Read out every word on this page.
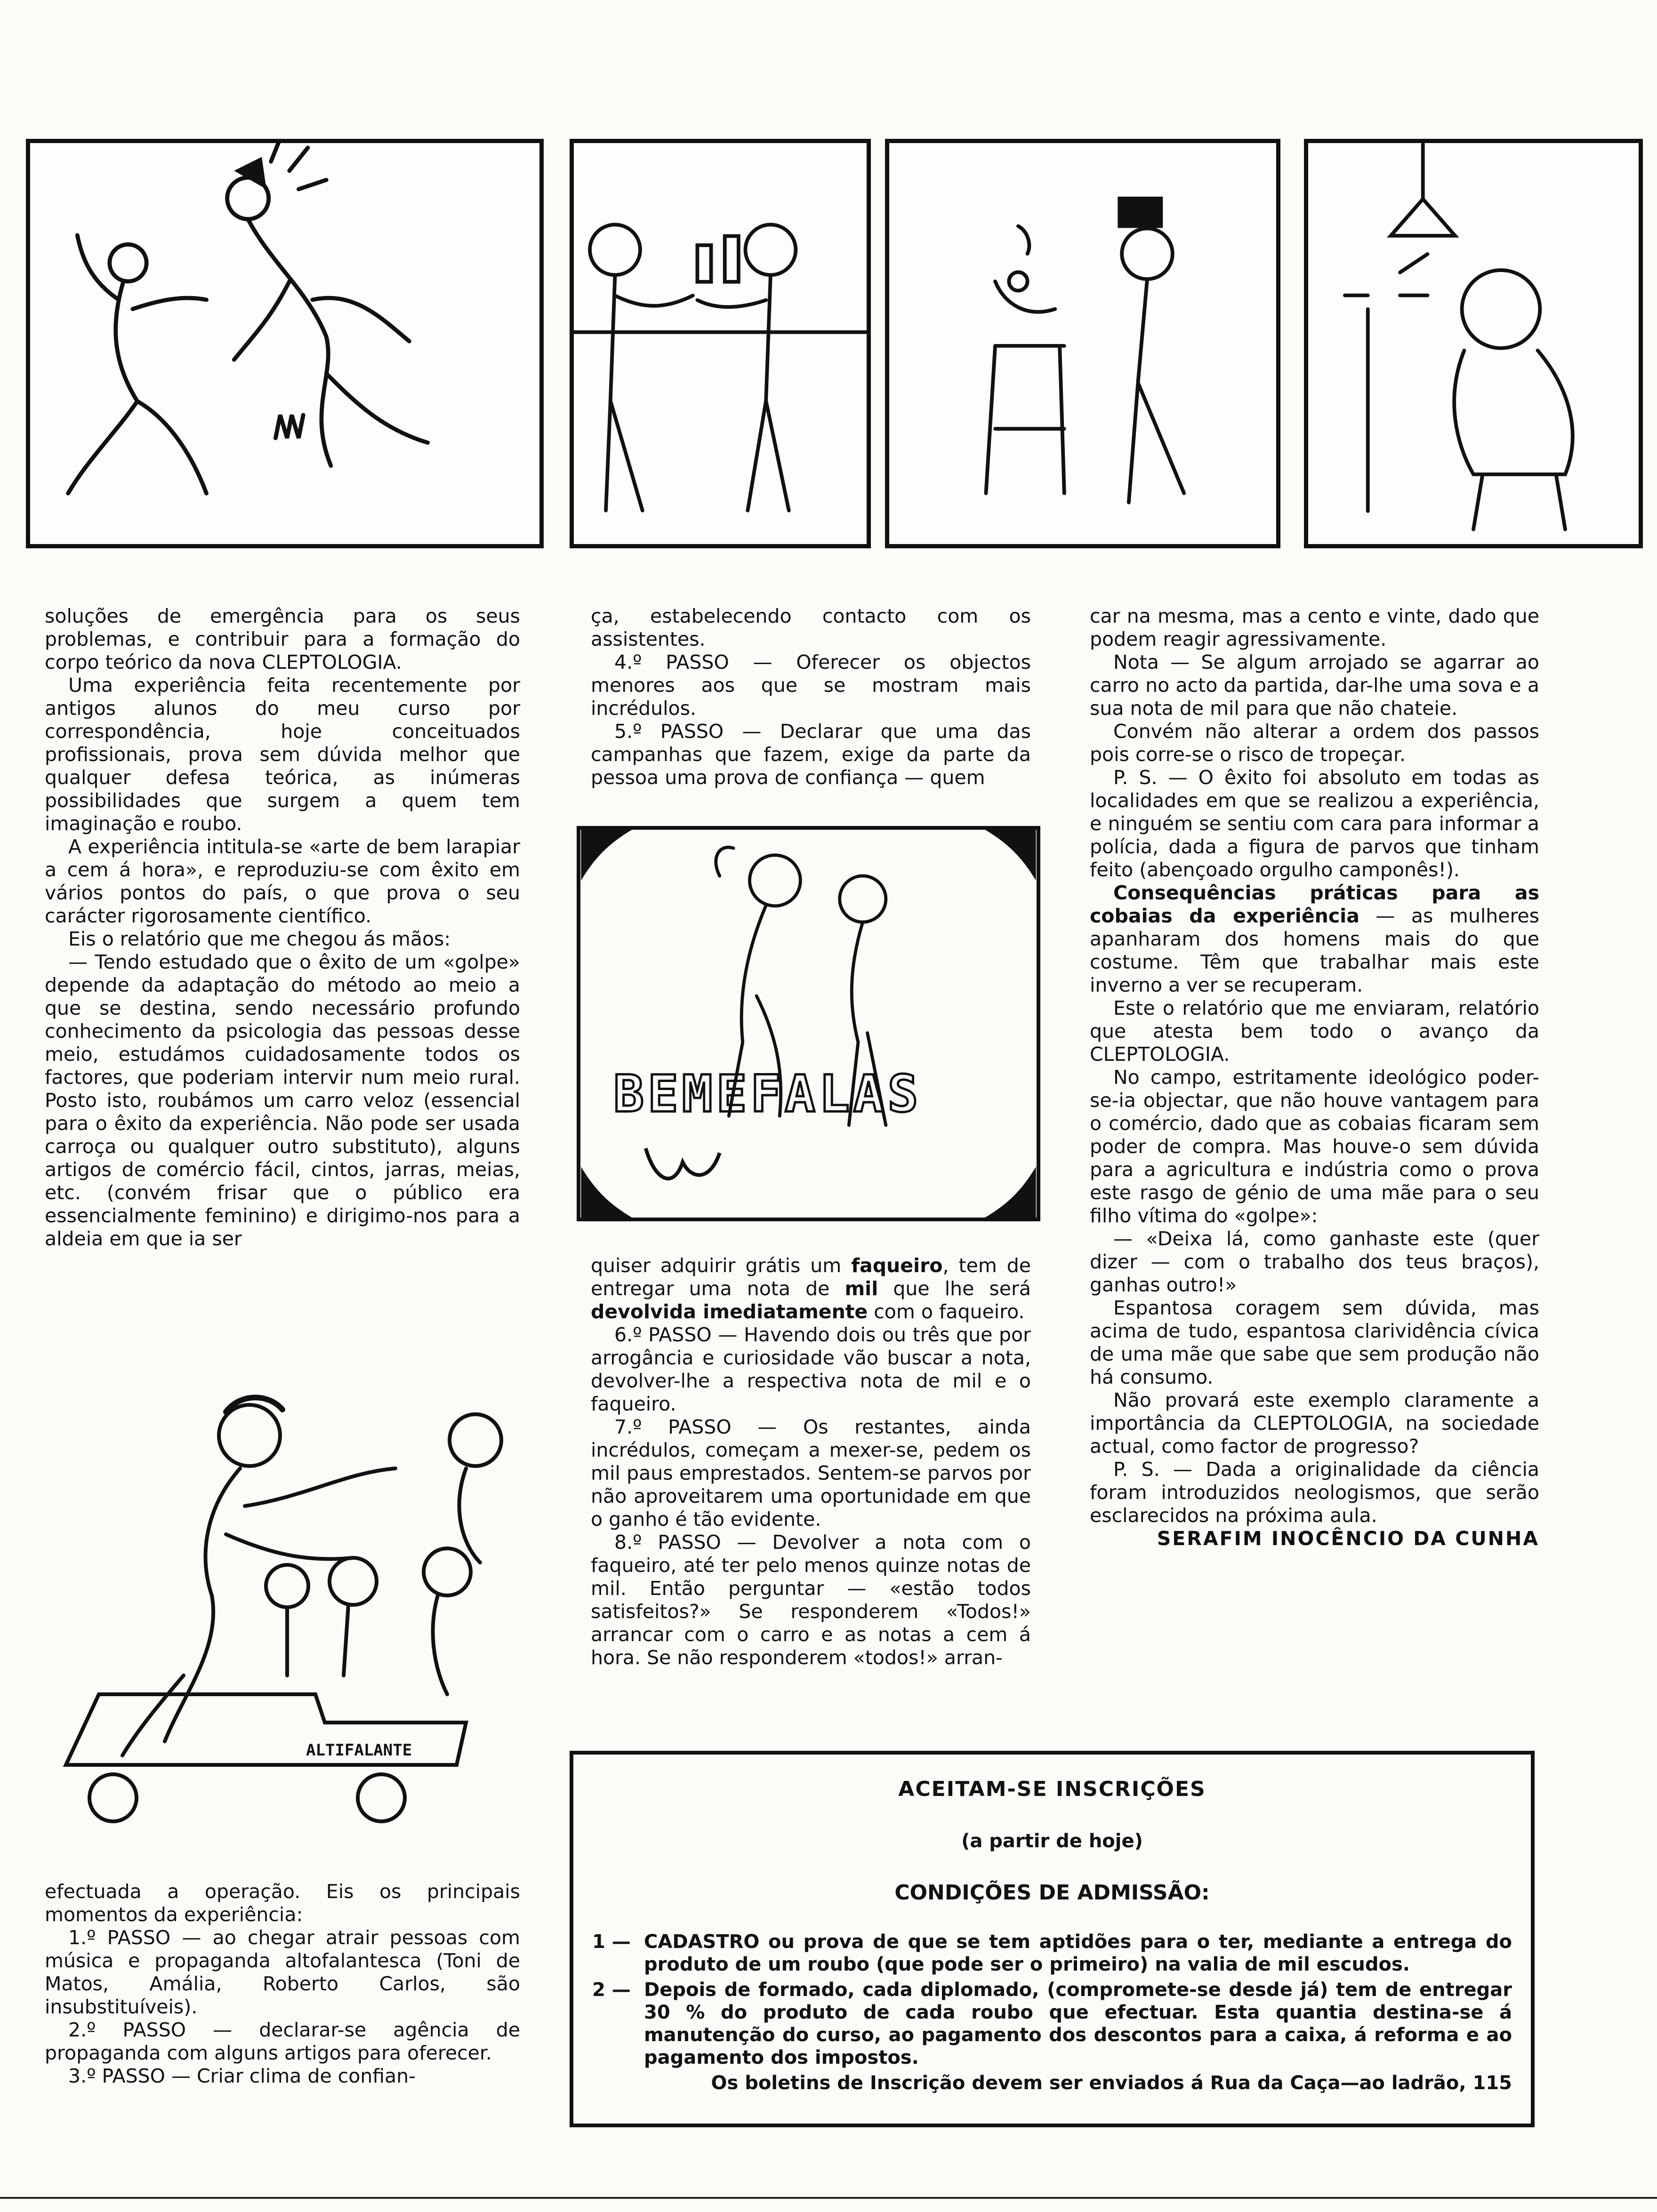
soluções de emergência para os seus problemas, e contribuir para a formação do corpo teórico da nova CLEPTOLOGIA.

Uma experiência feita recentemente por antigos alunos do meu curso por correspondência, hoje conceituados profissionais, prova sem dúvida melhor que qualquer defesa teórica, as inúmeras possibilidades que surgem a quem tem imaginação e roubo.

A experiência intitula-se «arte de bem larapiar a cem á hora», e reproduziu-se com êxito em vários pontos do país, o que prova o seu carácter rigorosamente científico.

Eis o relatório que me chegou ás mãos:

— Tendo estudado que o êxito de um «golpe» depende da adaptação do método ao meio a que se destina, sendo necessário profundo conhecimento da psicologia das pessoas desse meio, estudámos cuidadosamente todos os factores, que poderiam intervir num meio rural. Posto isto, roubámos um carro veloz (essencial para o êxito da experiência. Não pode ser usada carroça ou qualquer outro substituto), alguns artigos de comércio fácil, cintos, jarras, meias, etc. (convém frisar que o público era essencialmente feminino) e dirigimo-nos para a aldeia em que ia ser

ALTIFALANTE

efectuada a operação. Eis os principais momentos da experiência:

1.º PASSO — ao chegar atrair pessoas com música e propaganda altofalantesca (Toni de Matos, Amália, Roberto Carlos, são insubstituíveis).

2.º PASSO — declarar-se agência de propaganda com alguns artigos para oferecer.

3.º PASSO — Criar clima de confian-

ça, estabelecendo contacto com os assistentes.

4.º PASSO — Oferecer os objectos menores aos que se mostram mais incrédulos.

5.º PASSO — Declarar que uma das campanhas que fazem, exige da parte da pessoa uma prova de confiança — quem

BEMEFALAS

quiser adquirir grátis um faqueiro, tem de entregar uma nota de mil que lhe será devolvida imediatamente com o faqueiro.

6.º PASSO — Havendo dois ou três que por arrogância e curiosidade vão buscar a nota, devolver-lhe a respectiva nota de mil e o faqueiro.

7.º PASSO — Os restantes, ainda incrédulos, começam a mexer-se, pedem os mil paus emprestados. Sentem-se parvos por não aproveitarem uma oportunidade em que o ganho é tão evidente.

8.º PASSO — Devolver a nota com o faqueiro, até ter pelo menos quinze notas de mil. Então perguntar — «estão todos satisfeitos?» Se responderem «Todos!» arrancar com o carro e as notas a cem á hora. Se não responderem «todos!» arran-

car na mesma, mas a cento e vinte, dado que podem reagir agressivamente.

Nota — Se algum arrojado se agarrar ao carro no acto da partida, dar-lhe uma sova e a sua nota de mil para que não chateie.

Convém não alterar a ordem dos passos pois corre-se o risco de tropeçar.

P. S. — O êxito foi absoluto em todas as localidades em que se realizou a experiência, e ninguém se sentiu com cara para informar a polícia, dada a figura de parvos que tinham feito (abençoado orgulho camponês!).

Consequências práticas para as cobaias da experiência — as mulheres apanharam dos homens mais do que costume. Têm que trabalhar mais este inverno a ver se recuperam.

Este o relatório que me enviaram, relatório que atesta bem todo o avanço da CLEPTOLOGIA.

No campo, estritamente ideológico poder-se-ia objectar, que não houve vantagem para o comércio, dado que as cobaias ficaram sem poder de compra. Mas houve-o sem dúvida para a agricultura e indústria como o prova este rasgo de génio de uma mãe para o seu filho vítima do «golpe»:

— «Deixa lá, como ganhaste este (quer dizer — com o trabalho dos teus braços), ganhas outro!»

Espantosa coragem sem dúvida, mas acima de tudo, espantosa clarividência cívica de uma mãe que sabe que sem produção não há consumo.

Não provará este exemplo claramente a importância da CLEPTOLOGIA, na sociedade actual, como factor de progresso?

P. S. — Dada a originalidade da ciência foram introduzidos neologismos, que serão esclarecidos na próxima aula.

SERAFIM INOCÊNCIO DA CUNHA

ACEITAM-SE INSCRIÇÕES
(a partir de hoje)
CONDIÇÕES DE ADMISSÃO:
1 — CADASTRO ou prova de que se tem aptidões para o ter, mediante a entrega do produto de um roubo (que pode ser o primeiro) na valia de mil escudos.
2 — Depois de formado, cada diplomado, (compromete-se desde já) tem de entregar 30 % do produto de cada roubo que efectuar. Esta quantia destina-se á manutenção do curso, ao pagamento dos descontos para a caixa, á reforma e ao pagamento dos impostos.
Os boletins de Inscrição devem ser enviados á Rua da Caça—ao ladrão, 115
